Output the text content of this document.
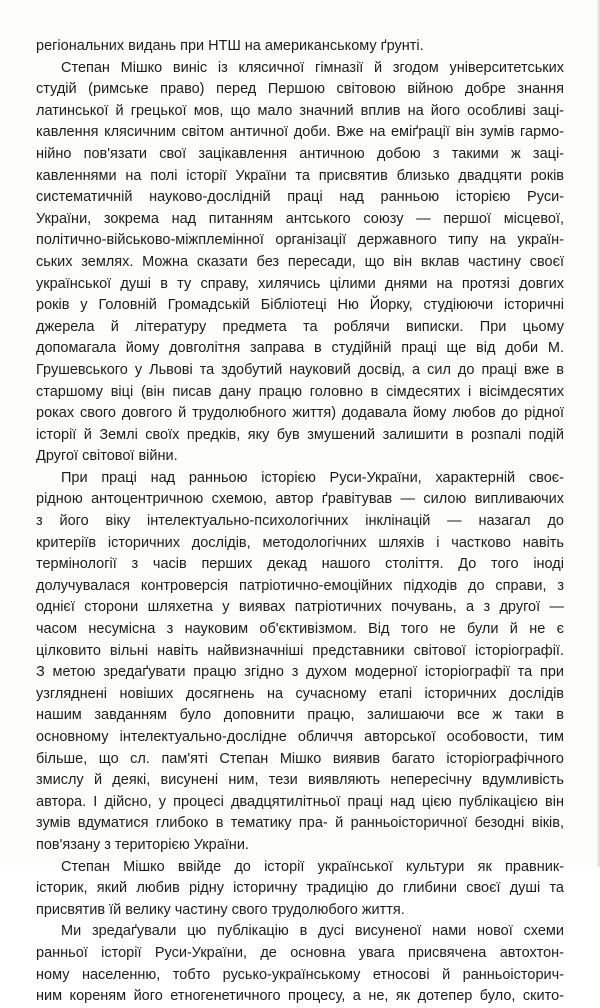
регіональних видань при НТШ на американському ґрунті.
Степан Мішко виніс із клясичної гімназії й згодом університетських
студій (римське право) перед Першою світовою війною добре знання
латинської й грецької мов, що мало значний вплив на його особливі заці-
кавлення клясичним світом античної доби. Вже на еміґрації він зумів гармо-
нійно пов'язати свої зацікавлення античною добою з такими ж заці-
кавленнями на полі історії України та присвятив близько двадцяти років
систематичній науково-дослідній праці над ранньою історією Руси-
України, зокрема над питанням антського союзу — першої місцевої,
політично-військово-міжплемінної організації державного типу на україн-
ських землях. Можна сказати без пересади, що він вклав частину своєї
української душі в ту справу, хилячись цілими днями на протязі довгих
років у Головній Громадській Бібліотеці Ню Йорку, студіюючи історичні
джерела й літературу предмета та роблячи виписки. При цьому
допомагала йому довголітня заправа в студійній праці ще від доби М.
Грушевського у Львові та здобутий науковий досвід, а сил до праці вже в
старшому віці (він писав дану працю головно в сімдесятих і вісімдесятих
роках свого довгого й трудолюбного життя) додавала йому любов до рідної
історії й Землі своїх предків, яку був змушений залишити в розпалі подій
Другої світової війни.
При праці над ранньою історією Руси-України, характерній своє-
рідною антоцентричною схемою, автор ґравітував — силою випливаючих
з його віку інтелектуально-психологічних інклінацій — назагал до
критеріїв історичних дослідів, методологічних шляхів і частково навіть
термінології з часів перших декад нашого століття. До того іноді
долучувалася контроверсія патріотично-емоційних підходів до справи, з
однієї сторони шляхетна у виявах патріотичних почувань, а з другої —
часом несумісна з науковим об'єктивізмом. Від того не були й не є
цілковито вільні навіть найвизначніші представники світової історіографії.
З метою зредаґувати працю згідно з духом модерної історіографії та при
узгляднені новіших досягнень на сучасному етапі історичних дослідів
нашим завданням було доповнити працю, залишаючи все ж таки в
основному інтелектуально-дослідне обличчя авторської особовости, тим
більше, що сл. пам'яті Степан Мішко виявив багато історіографічного
змислу й деякі, висунені ним, тези виявляють непересічну вдумливість
автора. І дійсно, у процесі двадцятилітньої праці над цією публікацією він
зумів вдуматися глибоко в тематику пра- й ранньоісторичної безодні віків,
пов'язану з територією України.
Степан Мішко ввійде до історії української культури як правник-
історик, який любив рідну історичну традицію до глибини своєї душі та
присвятив їй велику частину свого трудолюбого життя.
Ми зредаґували цю публікацію в дусі висуненої нами нової схеми
ранньої історії Руси-України, де основна увага присвячена автохтон-
ному населенню, тобто русько-українському етносові й ранньоісторич-
ним кореням його етногенетичного процесу, а не, як дотепер було, скито-
